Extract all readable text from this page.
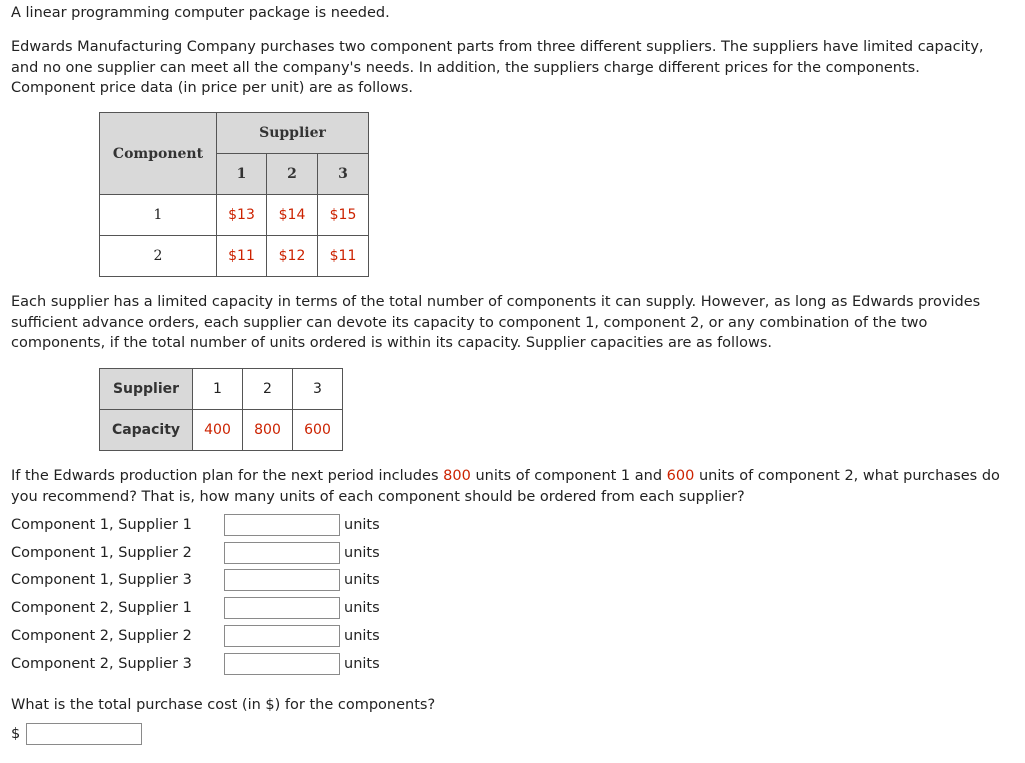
A linear programming computer package is needed.

Edwards Manufacturing Company purchases two component parts from three different suppliers. The suppliers have limited capacity, and no one supplier can meet all the company's needs. In addition, the suppliers charge different prices for the components. Component price data (in price per unit) are as follows.

Component	Supplier		
	1	2	3
1	$13	$14	$15
2	$11	$12	$11

Each supplier has a limited capacity in terms of the total number of components it can supply. However, as long as Edwards provides sufficient advance orders, each supplier can devote its capacity to component 1, component 2, or any combination of the two components, if the total number of units ordered is within its capacity. Supplier capacities are as follows.

Supplier	1	2	3
Capacity	400	800	600

If the Edwards production plan for the next period includes 800 units of component 1 and 600 units of component 2, what purchases do you recommend? That is, how many units of each component should be ordered from each supplier?

Component 1, Supplier 1	units
Component 1, Supplier 2	units
Component 1, Supplier 3	units
Component 2, Supplier 1	units
Component 2, Supplier 2	units
Component 2, Supplier 3	units

What is the total purchase cost (in $) for the components?

$
